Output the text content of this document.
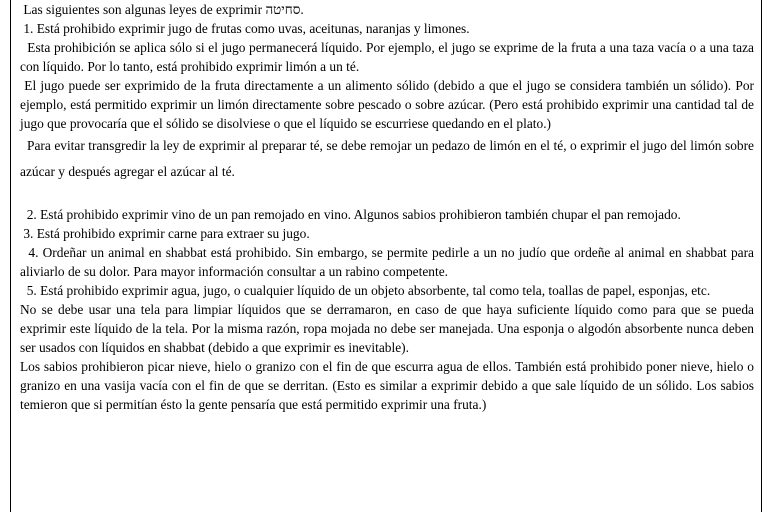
Las siguientes son algunas leyes de exprimir סחיטה.

1. Está prohibido exprimir jugo de frutas como uvas, aceitunas, naranjas y limones.

Esta prohibición se aplica sólo si el jugo permanecerá líquido. Por ejemplo, el jugo se exprime de la fruta a una taza vacía o a una taza con líquido. Por lo tanto, está prohibido exprimir limón a un té.

El jugo puede ser exprimido de la fruta directamente a un alimento sólido (debido a que el jugo se considera también un sólido). Por ejemplo, está permitido exprimir un limón directamente sobre pescado o sobre azúcar. (Pero está prohibido exprimir una cantidad tal de jugo que provocaría que el sólido se disolviese o que el líquido se escurriese quedando en el plato.)

Para evitar transgredir la ley de exprimir al preparar té, se debe remojar un pedazo de limón en el té, o exprimir el jugo del limón sobre azúcar y después agregar el azúcar al té.

2. Está prohibido exprimir vino de un pan remojado en vino. Algunos sabios prohibieron también chupar el pan remojado.

3. Está prohibido exprimir carne para extraer su jugo.

4. Ordeñar un animal en shabbat está prohibido. Sin embargo, se permite pedirle a un no judío que ordeñe al animal en shabbat para aliviarlo de su dolor. Para mayor información consultar a un rabino competente.

5. Está prohibido exprimir agua, jugo, o cualquier líquido de un objeto absorbente, tal como tela, toallas de papel, esponjas, etc.

No se debe usar una tela para limpiar líquidos que se derramaron, en caso de que haya suficiente líquido como para que se pueda exprimir este líquido de la tela. Por la misma razón, ropa mojada no debe ser manejada. Una esponja o algodón absorbente nunca deben ser usados con líquidos en shabbat (debido a que exprimir es inevitable).

Los sabios prohibieron picar nieve, hielo o granizo con el fin de que escurra agua de ellos. También está prohibido poner nieve, hielo o granizo en una vasija vacía con el fin de que se derritan. (Esto es similar a exprimir debido a que sale líquido de un sólido. Los sabios temieron que si permitían ésto la gente pensaría que está permitido exprimir una fruta.)
